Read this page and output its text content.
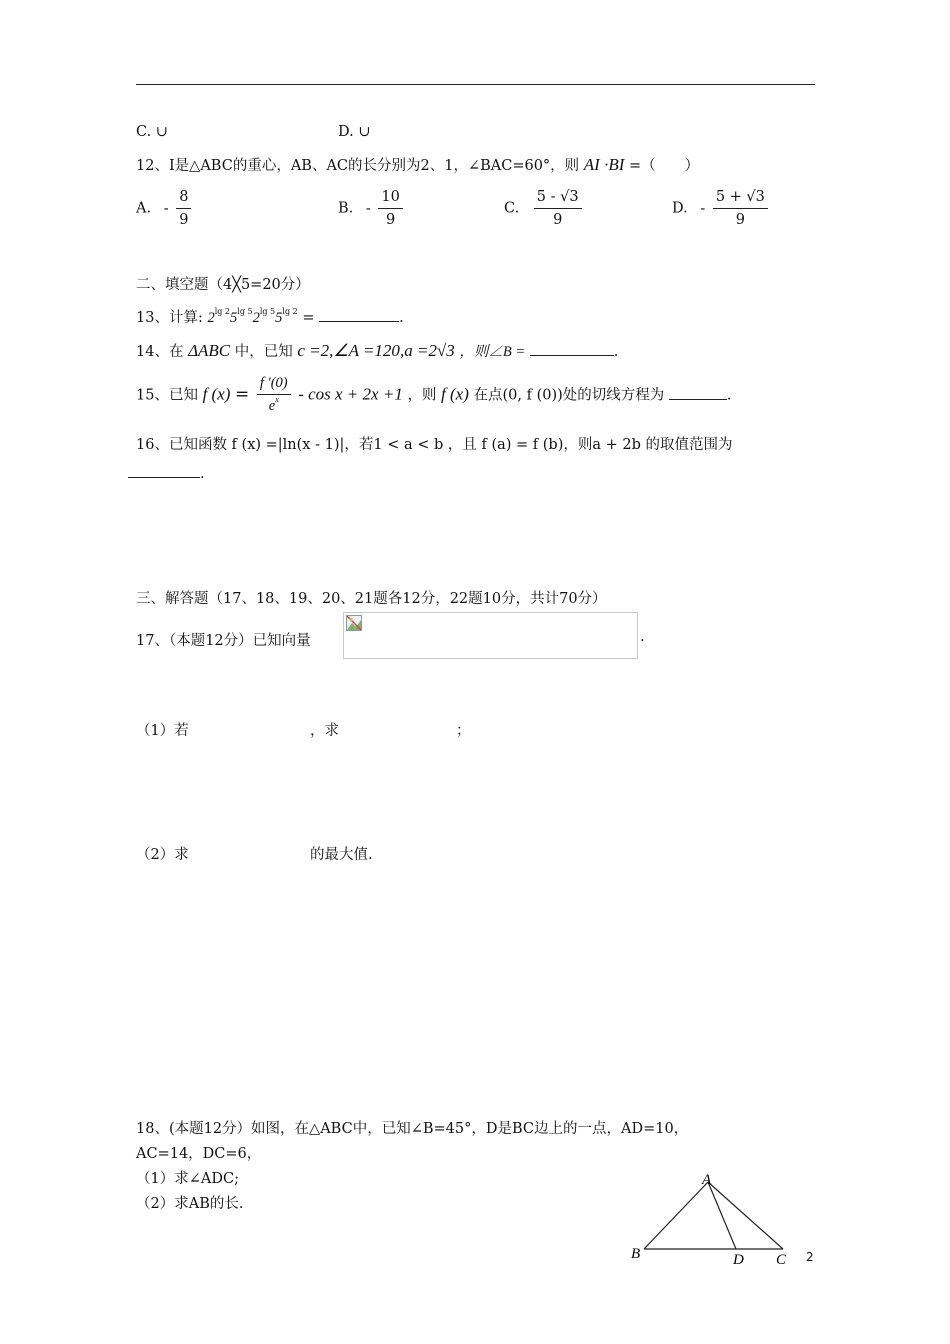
C. ∪	D. ∪
12、I是△ABC的重心，AB、AC的长分别为2、1，∠BAC=60°，则 AI ·BI =（　　）
A. - $\frac{8}{9}$	B. - $\frac{10}{9}$	C. $\frac{5 - √3}{9}$	D. - $\frac{5 + √3}{9}$
二、填空题（4╳5=20分）
13、计算: $2^{lg 2}5^{lg 5}2^{lg 5}5^{lg 2}$ =	.
14、在 ΔABC 中，已知 c =2,∠A =120,a =2√3 ，则∠B =	.
15、已知 f $(x) = \frac{f '(0)}{e^x} - \cos x + 2x +1$ ，则 f (x) 在点(0, f (0))处的切线方程为	.
16、已知函数 f (x) =|ln(x - 1)|，若1 < a < b ，且 f (a) = f (b)，则a + 2b 的取值范围为
.
三、解答题（17、18、19、20、21题各12分，22题10分，共计70分）
17、（本题12分）已知向量	.
（1）若	，求	；
（2）求	的最大值.
18、(本题12分）如图，在△ABC中，已知∠B=45°，D是BC边上的一点，AD=10，
AC=14，DC=6，
（1）求∠ADC;
（2）求AB的长.
A
B	D C 2
